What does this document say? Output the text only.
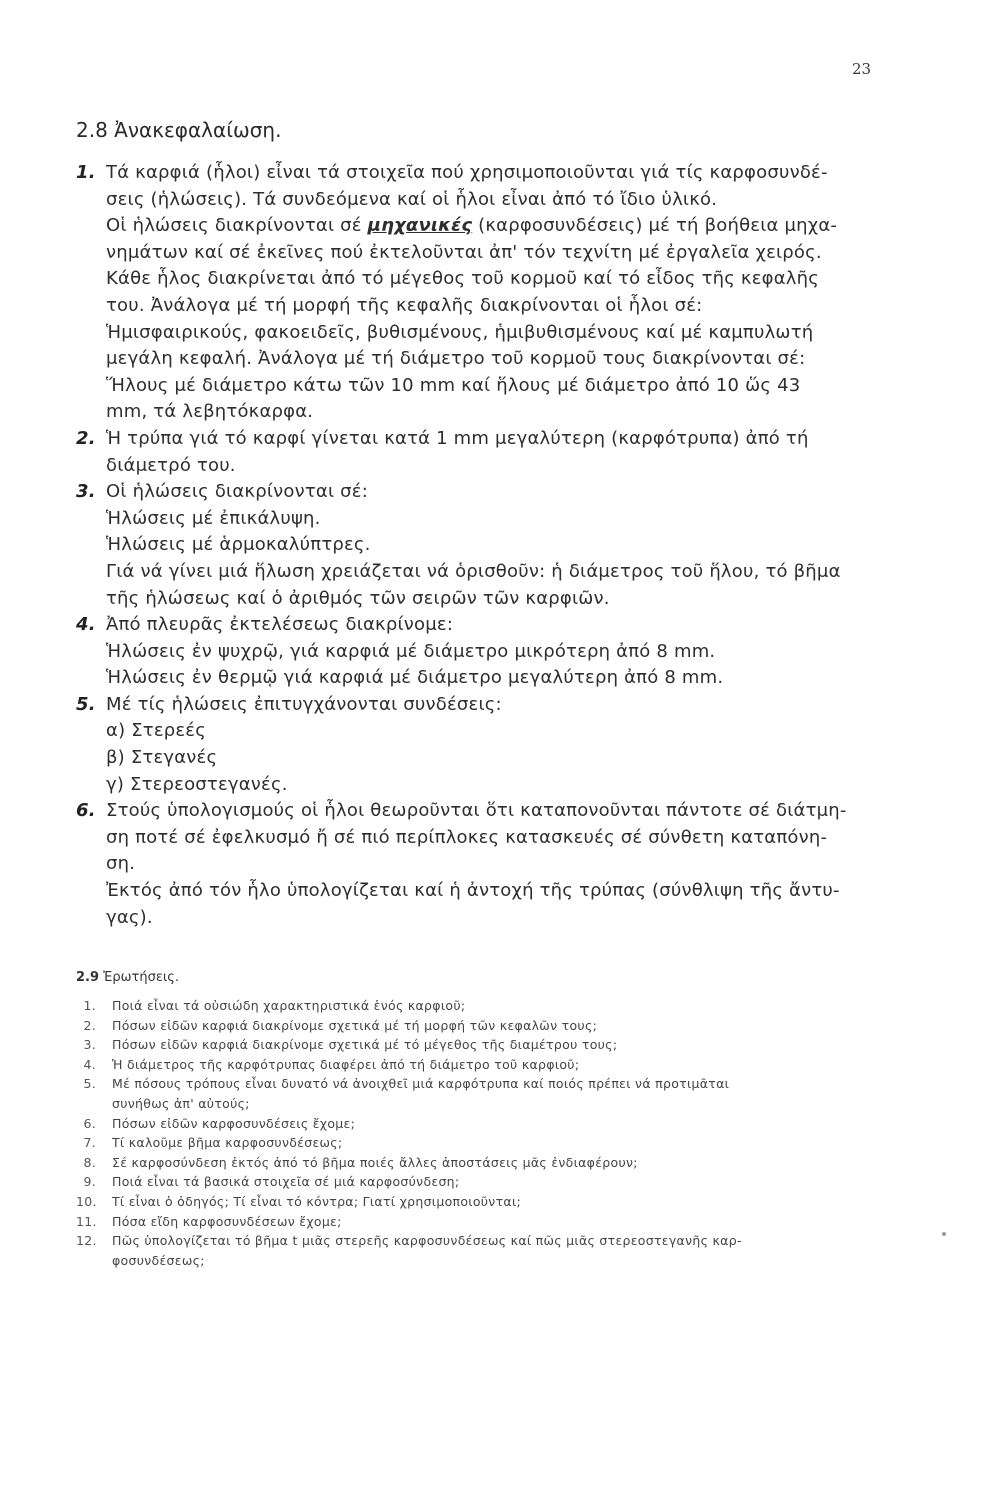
23
2.8 Ἀνακεφαλαίωση.
1. Τά καρφιά (ἧλοι) εἶναι τά στοιχεῖα πού χρησιμοποιοῦνται γιά τίς καρφοσυνδέ-
σεις (ἡλώσεις). Τά συνδεόμενα καί οἱ ἧλοι εἶναι ἀπό τό ἴδιο ὑλικό.
Οἱ ἡλώσεις διακρίνονται σέ μηχανικές (καρφοσυνδέσεις) μέ τή βοήθεια μηχα-
νημάτων καί σέ ἐκεῖνες πού ἐκτελοῦνται ἀπ' τόν τεχνίτη μέ ἐργαλεῖα χειρός.
Κάθε ἧλος διακρίνεται ἀπό τό μέγεθος τοῦ κορμοῦ καί τό εἶδος τῆς κεφαλῆς
του. Ἀνάλογα μέ τή μορφή τῆς κεφαλῆς διακρίνονται οἱ ἧλοι σέ:
Ἡμισφαιρικούς, φακοειδεῖς, βυθισμένους, ἡμιβυθισμένους καί μέ καμπυλωτή
μεγάλη κεφαλή. Ἀνάλογα μέ τή διάμετρο τοῦ κορμοῦ τους διακρίνονται σέ:
Ἥλους μέ διάμετρο κάτω τῶν 10 mm καί ἥλους μέ διάμετρο ἀπό 10 ὥς 43
mm, τά λεβητόκαρφα.
2. Ἡ τρύπα γιά τό καρφί γίνεται κατά 1 mm μεγαλύτερη (καρφότρυπα) ἀπό τή
διάμετρό του.
3. Οἱ ἡλώσεις διακρίνονται σέ:
Ἡλώσεις μέ ἐπικάλυψη.
Ἡλώσεις μέ ἁρμοκαλύπτρες.
Γιά νά γίνει μιά ἥλωση χρειάζεται νά ὁρισθοῦν: ἡ διάμετρος τοῦ ἥλου, τό βῆμα
τῆς ἡλώσεως καί ὁ ἀριθμός τῶν σειρῶν τῶν καρφιῶν.
4. Ἀπό πλευρᾶς ἐκτελέσεως διακρίνομε:
Ἡλώσεις ἐν ψυχρῷ, γιά καρφιά μέ διάμετρο μικρότερη ἀπό 8 mm.
Ἡλώσεις ἐν θερμῷ γιά καρφιά μέ διάμετρο μεγαλύτερη ἀπό 8 mm.
5. Μέ τίς ἡλώσεις ἐπιτυγχάνονται συνδέσεις:
α) Στερεές
β) Στεγανές
γ) Στερεοστεγανές.
6. Στούς ὑπολογισμούς οἱ ἧλοι θεωροῦνται ὅτι καταπονοῦνται πάντοτε σέ διάτμη-
ση ποτέ σέ ἐφελκυσμό ἤ σέ πιό περίπλοκες κατασκευές σέ σύνθετη καταπόνη-
ση.
Ἐκτός ἀπό τόν ἧλο ὑπολογίζεται καί ἡ ἀντοχή τῆς τρύπας (σύνθλιψη τῆς ἄντυ-
γας).
2.9 Ἐρωτήσεις.
1. Ποιά εἶναι τά οὐσιώδη χαρακτηριστικά ἑνός καρφιοῦ;
2. Πόσων εἰδῶν καρφιά διακρίνομε σχετικά μέ τή μορφή τῶν κεφαλῶν τους;
3. Πόσων εἰδῶν καρφιά διακρίνομε σχετικά μέ τό μέγεθος τῆς διαμέτρου τους;
4. Ἡ διάμετρος τῆς καρφότρυπας διαφέρει ἀπό τή διάμετρο τοῦ καρφιοῦ;
5. Μέ πόσους τρόπους εἶναι δυνατό νά ἀνοιχθεῖ μιά καρφότρυπα καί ποιός πρέπει νά προτιμᾶται
συνήθως ἀπ' αὐτούς;
6. Πόσων εἰδῶν καρφοσυνδέσεις ἔχομε;
7. Τί καλοῦμε βῆμα καρφοσυνδέσεως;
8. Σέ καρφοσύνδεση ἐκτός ἀπό τό βῆμα ποιές ἄλλες ἀποστάσεις μᾶς ἐνδιαφέρουν;
9. Ποιά εἶναι τά βασικά στοιχεῖα σέ μιά καρφοσύνδεση;
10. Τί εἶναι ὁ ὀδηγός; Τί εἶναι τό κόντρα; Γιατί χρησιμοποιοῦνται;
11. Πόσα εἴδη καρφοσυνδέσεων ἔχομε;
12. Πῶς ὑπολογίζεται τό βῆμα t μιᾶς στερεῆς καρφοσυνδέσεως καί πῶς μιᾶς στερεοστεγανῆς καρ-
φοσυνδέσεως;
